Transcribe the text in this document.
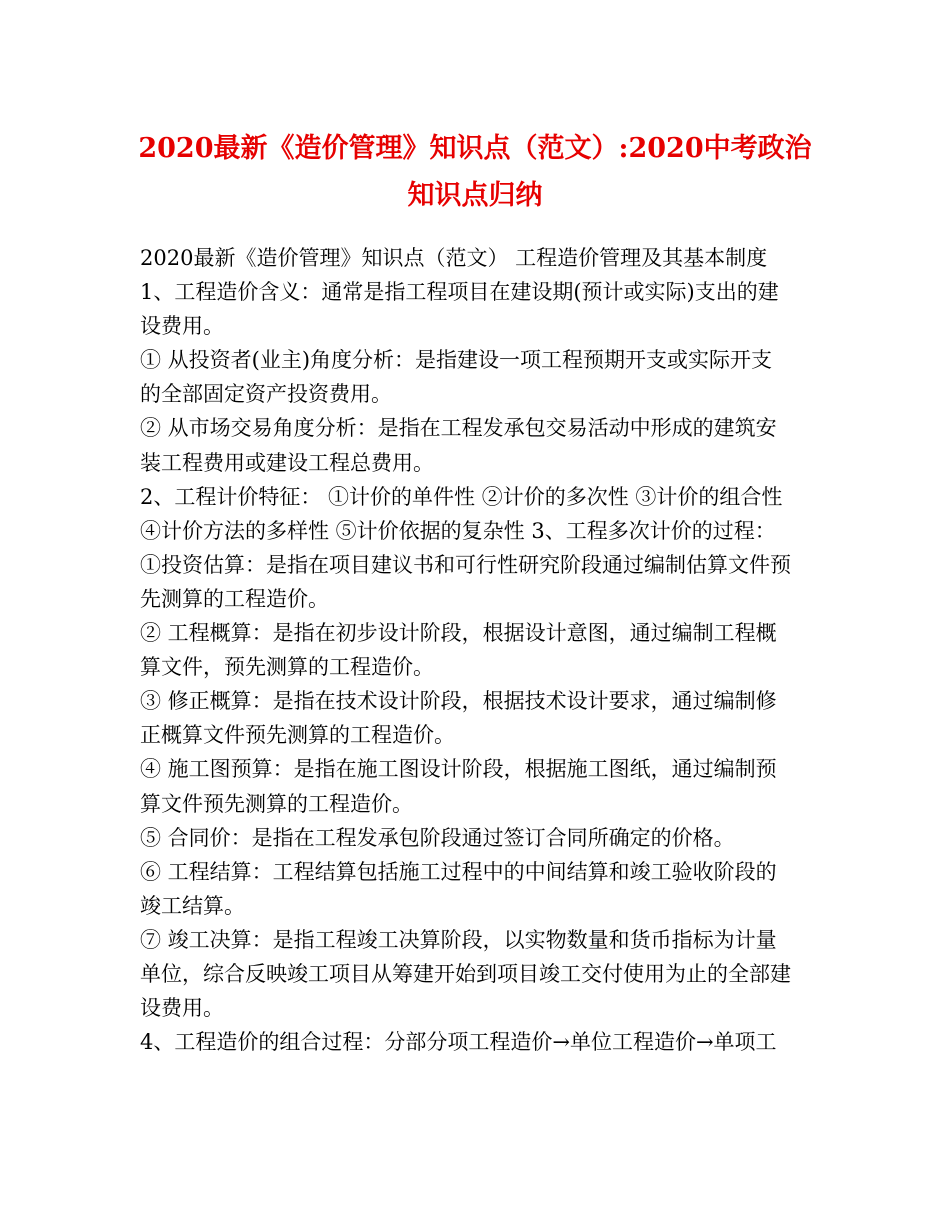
2020最新《造价管理》知识点（范文）:2020中考政治
知识点归纳
2020最新《造价管理》知识点（范文） 工程造价管理及其基本制度
1、工程造价含义：通常是指工程项目在建设期(预计或实际)支出的建
设费用。
① 从投资者(业主)角度分析：是指建设一项工程预期开支或实际开支
的全部固定资产投资费用。
② 从市场交易角度分析：是指在工程发承包交易活动中形成的建筑安
装工程费用或建设工程总费用。
2、工程计价特征： ①计价的单件性 ②计价的多次性 ③计价的组合性
④计价方法的多样性 ⑤计价依据的复杂性 3、工程多次计价的过程：
①投资估算：是指在项目建议书和可行性研究阶段通过编制估算文件预
先测算的工程造价。
② 工程概算：是指在初步设计阶段，根据设计意图，通过编制工程概
算文件，预先测算的工程造价。
③ 修正概算：是指在技术设计阶段，根据技术设计要求，通过编制修
正概算文件预先测算的工程造价。
④ 施工图预算：是指在施工图设计阶段，根据施工图纸，通过编制预
算文件预先测算的工程造价。
⑤ 合同价：是指在工程发承包阶段通过签订合同所确定的价格。
⑥ 工程结算：工程结算包括施工过程中的中间结算和竣工验收阶段的
竣工结算。
⑦ 竣工决算：是指工程竣工决算阶段，以实物数量和货币指标为计量
单位，综合反映竣工项目从筹建开始到项目竣工交付使用为止的全部建
设费用。
4、工程造价的组合过程：分部分项工程造价→单位工程造价→单项工
